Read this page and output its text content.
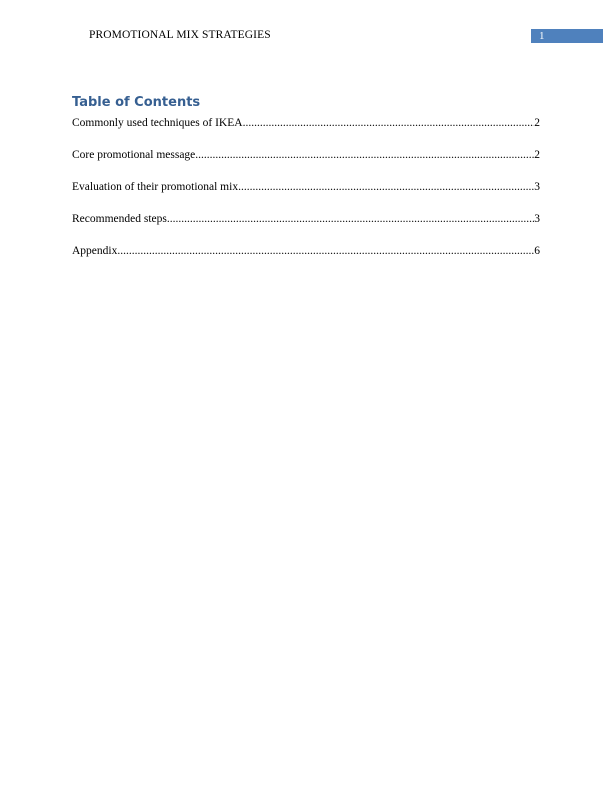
PROMOTIONAL MIX STRATEGIES	1
Table of Contents
Commonly used techniques of IKEA .....	2
Core promotional message .....	2
Evaluation of their promotional mix .....	3
Recommended steps .....	3
Appendix .....	6
